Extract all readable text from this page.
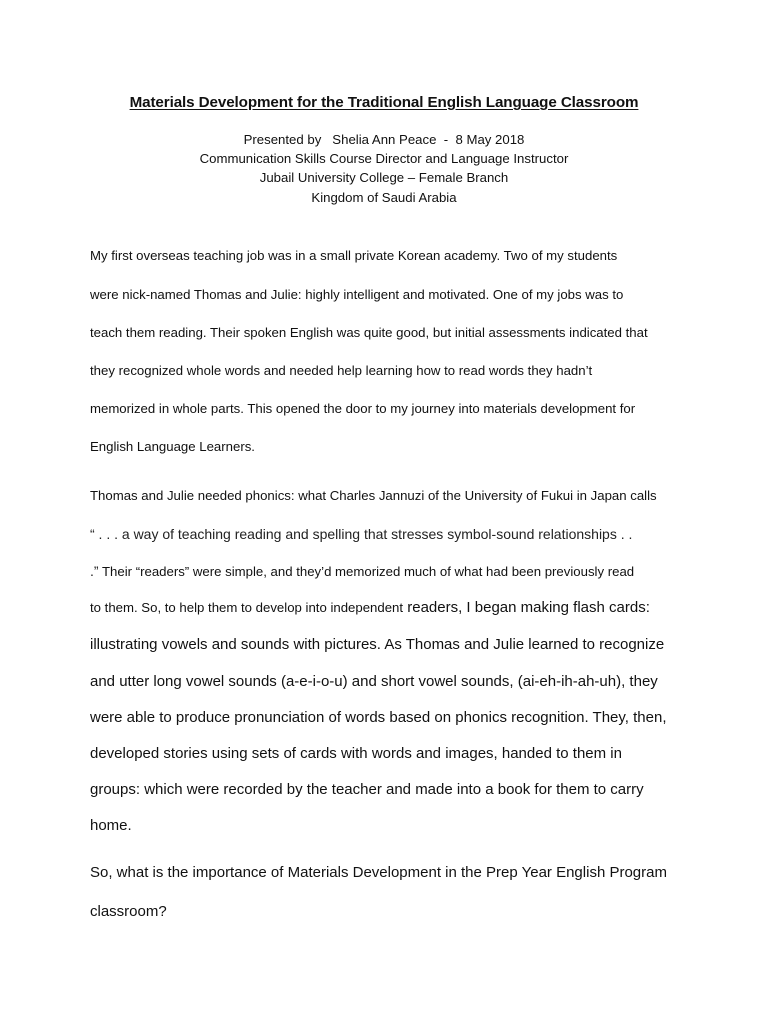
Materials Development for the Traditional English Language Classroom
Presented by   Shelia Ann Peace  -  8 May 2018
Communication Skills Course Director and Language Instructor
Jubail University College – Female Branch
Kingdom of Saudi Arabia
My first overseas teaching job was in a small private Korean academy. Two of my students
were nick-named Thomas and Julie: highly intelligent and motivated. One of my jobs was to
teach them reading. Their spoken English was quite good, but initial assessments indicated that
they recognized whole words and needed help learning how to read words they hadn’t
memorized in whole parts. This opened the door to my journey into materials development for
English Language Learners.
Thomas and Julie needed phonics: what Charles Jannuzi of the University of Fukui in Japan calls
“ . . . a way of teaching reading and spelling that stresses symbol-sound relationships . .
.” Their “readers” were simple, and they’d memorized much of what had been previously read
to them. So, to help them to develop into independent readers, I began making flash cards:
illustrating vowels and sounds with pictures. As Thomas and Julie learned to recognize
and utter long vowel sounds (a-e-i-o-u) and short vowel sounds, (ai-eh-ih-ah-uh), they
were able to produce pronunciation of words based on phonics recognition. They, then,
developed stories using sets of cards with words and images, handed to them in
groups: which were recorded by the teacher and made into a book for them to carry
home.
So, what is the importance of Materials Development in the Prep Year English Program
classroom?
